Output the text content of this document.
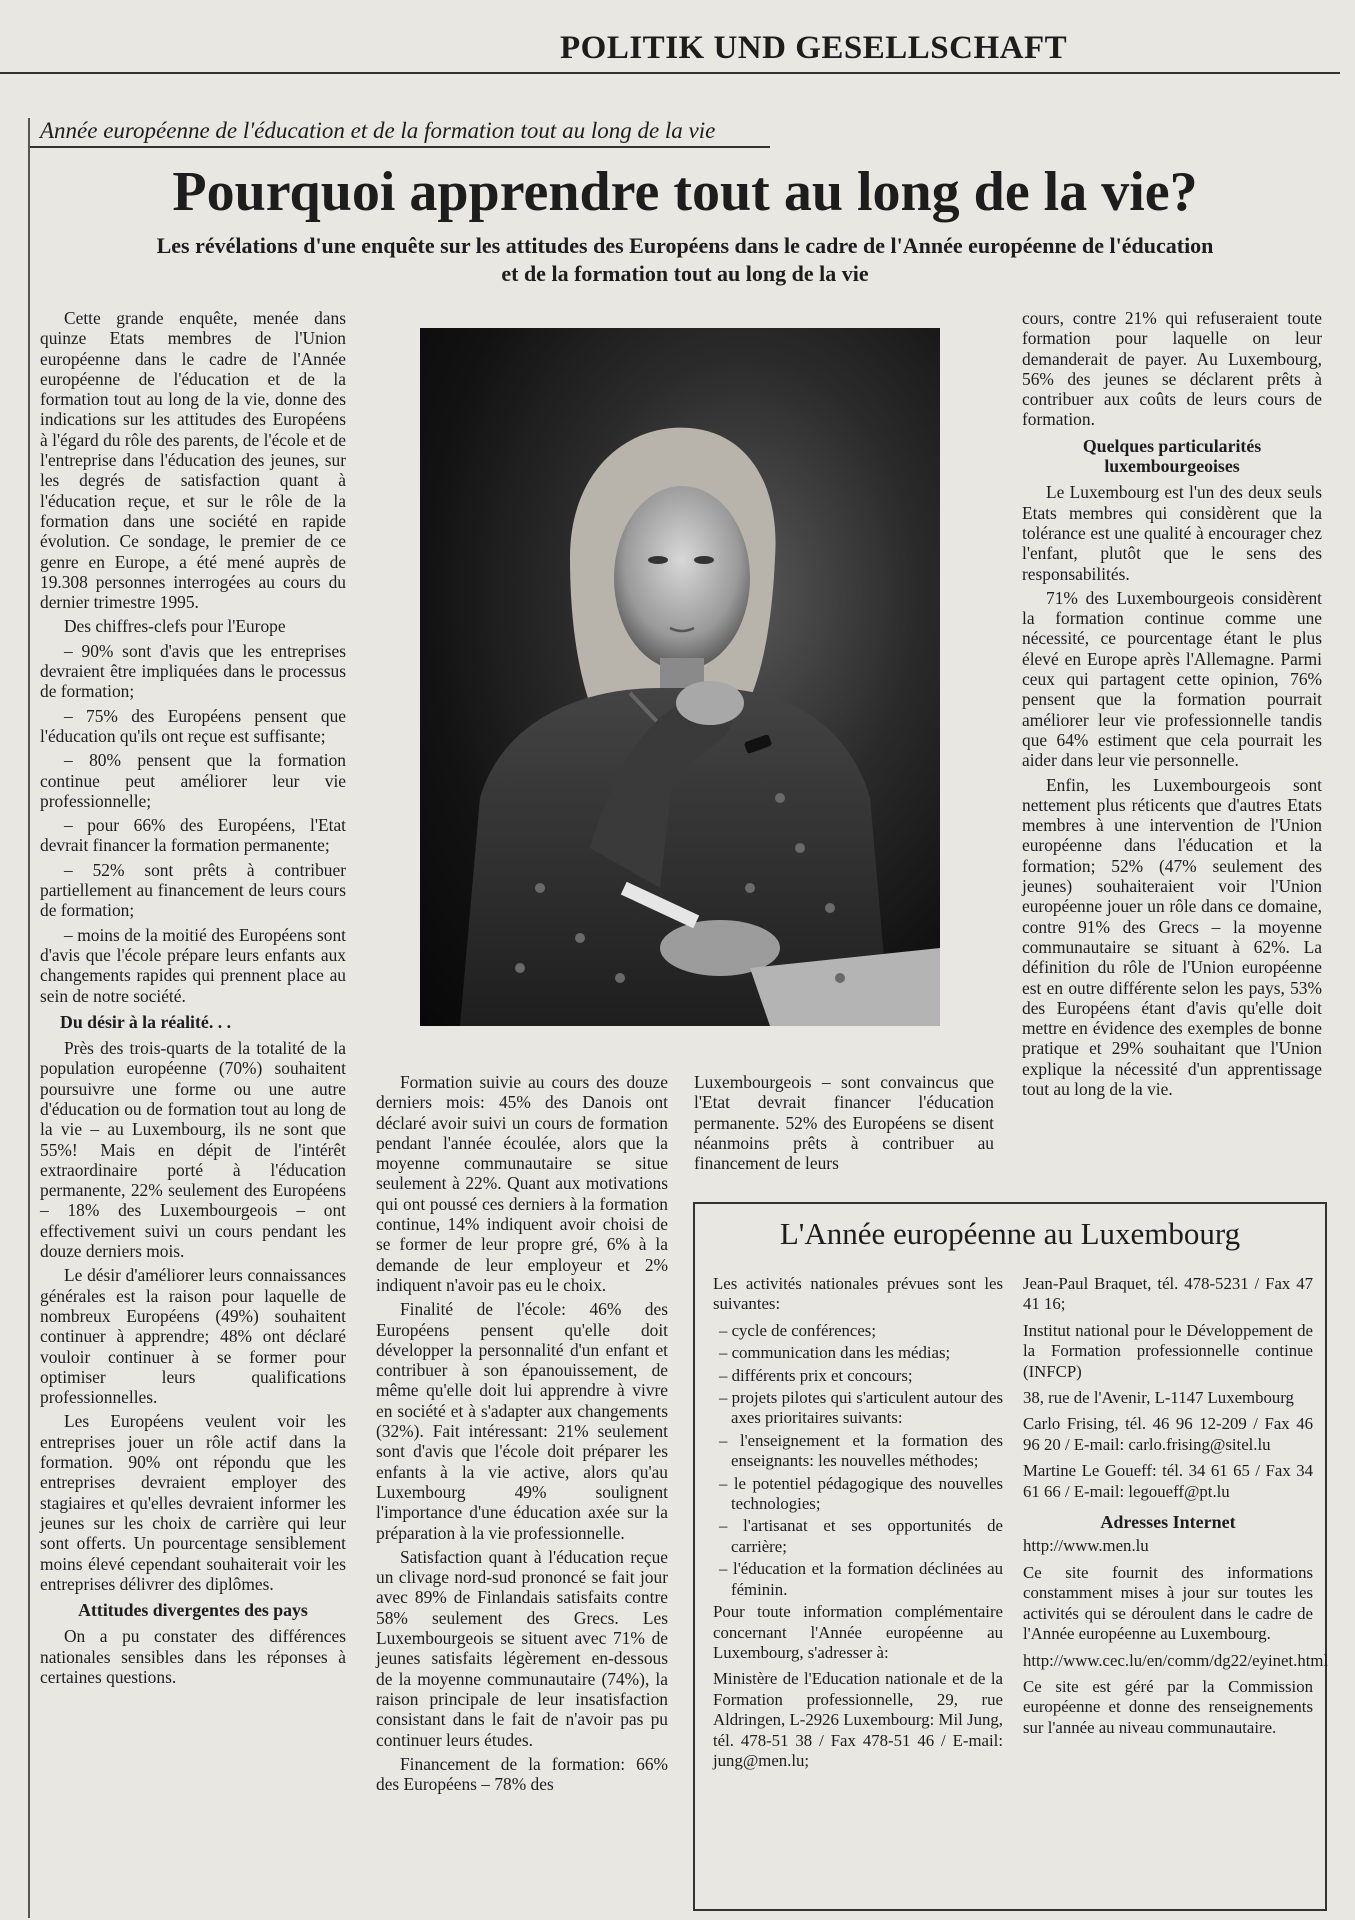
POLITIK UND GESELLSCHAFT
Année européenne de l'éducation et de la formation tout au long de la vie
Pourquoi apprendre tout au long de la vie?
Les révélations d'une enquête sur les attitudes des Européens dans le cadre de l'Année européenne de l'éducation
et de la formation tout au long de la vie

Cette grande enquête, menée dans quinze Etats membres de l'Union européenne dans le cadre de l'Année européenne de l'éducation et de la formation tout au long de la vie, donne des indications sur les attitudes des Européens à l'égard du rôle des parents, de l'école et de l'entreprise dans l'éducation des jeunes, sur les degrés de satisfaction quant à l'éducation reçue, et sur le rôle de la formation dans une société en rapide évolution. Ce sondage, le premier de ce genre en Europe, a été mené auprès de 19.308 personnes interrogées au cours du dernier trimestre 1995.

Des chiffres-clefs pour l'Europe

– 90% sont d'avis que les entreprises devraient être impliquées dans le processus de formation;

– 75% des Européens pensent que l'éducation qu'ils ont reçue est suffisante;

– 80% pensent que la formation continue peut améliorer leur vie professionnelle;

– pour 66% des Européens, l'Etat devrait financer la formation permanente;

– 52% sont prêts à contribuer partiellement au financement de leurs cours de formation;

– moins de la moitié des Européens sont d'avis que l'école prépare leurs enfants aux changements rapides qui prennent place au sein de notre société.

Du désir à la réalité. . .

Près des trois-quarts de la totalité de la population européenne (70%) souhaitent poursuivre une forme ou une autre d'éducation ou de formation tout au long de la vie – au Luxembourg, ils ne sont que 55%! Mais en dépit de l'intérêt extraordinaire porté à l'éducation permanente, 22% seulement des Européens – 18% des Luxembourgeois – ont effectivement suivi un cours pendant les douze derniers mois.

Le désir d'améliorer leurs connaissances générales est la raison pour laquelle de nombreux Européens (49%) souhaitent continuer à apprendre; 48% ont déclaré vouloir continuer à se former pour optimiser leurs qualifications professionnelles.

Les Européens veulent voir les entreprises jouer un rôle actif dans la formation. 90% ont répondu que les entreprises devraient employer des stagiaires et qu'elles devraient informer les jeunes sur les choix de carrière qui leur sont offerts. Un pourcentage sensiblement moins élevé cependant souhaiterait voir les entreprises délivrer des diplômes.

Attitudes divergentes des pays

On a pu constater des différences nationales sensibles dans les réponses à certaines questions.

Formation suivie au cours des douze derniers mois: 45% des Danois ont déclaré avoir suivi un cours de formation pendant l'année écoulée, alors que la moyenne communautaire se situe seulement à 22%. Quant aux motivations qui ont poussé ces derniers à la formation continue, 14% indiquent avoir choisi de se former de leur propre gré, 6% à la demande de leur employeur et 2% indiquent n'avoir pas eu le choix.

Finalité de l'école: 46% des Européens pensent qu'elle doit développer la personnalité d'un enfant et contribuer à son épanouissement, de même qu'elle doit lui apprendre à vivre en société et à s'adapter aux changements (32%). Fait intéressant: 21% seulement sont d'avis que l'école doit préparer les enfants à la vie active, alors qu'au Luxembourg 49% soulignent l'importance d'une éducation axée sur la préparation à la vie professionnelle.

Satisfaction quant à l'éducation reçue un clivage nord-sud prononcé se fait jour avec 89% de Finlandais satisfaits contre 58% seulement des Grecs. Les Luxembourgeois se situent avec 71% de jeunes satisfaits légèrement en-dessous de la moyenne communautaire (74%), la raison principale de leur insatisfaction consistant dans le fait de n'avoir pas pu continuer leurs études.

Financement de la formation: 66% des Européens – 78% des

Luxembourgeois – sont convaincus que l'Etat devrait financer l'éducation permanente. 52% des Européens se disent néanmoins prêts à contribuer au financement de leurs

cours, contre 21% qui refuseraient toute formation pour laquelle on leur demanderait de payer. Au Luxembourg, 56% des jeunes se déclarent prêts à contribuer aux coûts de leurs cours de formation.

Quelques particularités luxembourgeoises

Le Luxembourg est l'un des deux seuls Etats membres qui considèrent que la tolérance est une qualité à encourager chez l'enfant, plutôt que le sens des responsabilités.

71% des Luxembourgeois considèrent la formation continue comme une nécessité, ce pourcentage étant le plus élevé en Europe après l'Allemagne. Parmi ceux qui partagent cette opinion, 76% pensent que la formation pourrait améliorer leur vie professionnelle tandis que 64% estiment que cela pourrait les aider dans leur vie personnelle.

Enfin, les Luxembourgeois sont nettement plus réticents que d'autres Etats membres à une intervention de l'Union européenne dans l'éducation et la formation; 52% (47% seulement des jeunes) souhaiteraient voir l'Union européenne jouer un rôle dans ce domaine, contre 91% des Grecs – la moyenne communautaire se situant à 62%. La définition du rôle de l'Union européenne est en outre différente selon les pays, 53% des Européens étant d'avis qu'elle doit mettre en évidence des exemples de bonne pratique et 29% souhaitant que l'Union explique la nécessité d'un apprentissage tout au long de la vie.

L'Année européenne au Luxembourg

Les activités nationales prévues sont les suivantes:

– cycle de conférences;
– communication dans les médias;
– différents prix et concours;
– projets pilotes qui s'articulent autour des axes prioritaires suivants:
– l'enseignement et la formation des enseignants: les nouvelles méthodes;
– le potentiel pédagogique des nouvelles technologies;
– l'artisanat et ses opportunités de carrière;
– l'éducation et la formation déclinées au féminin.

Pour toute information complémentaire concernant l'Année européenne au Luxembourg, s'adresser à:

Ministère de l'Education nationale et de la Formation professionnelle, 29, rue Aldringen, L-2926 Luxembourg: Mil Jung, tél. 478-51 38 / Fax 478-51 46 / E-mail: jung@men.lu;

Jean-Paul Braquet, tél. 478-5231 / Fax 47 41 16;

Institut national pour le Développement de la Formation professionnelle continue (INFCP)

38, rue de l'Avenir, L-1147 Luxembourg

Carlo Frising, tél. 46 96 12-209 / Fax 46 96 20 / E-mail: carlo.frising@sitel.lu

Martine Le Goueff: tél. 34 61 65 / Fax 34 61 66 / E-mail: legoueff@pt.lu

Adresses Internet

http://www.men.lu

Ce site fournit des informations constamment mises à jour sur toutes les activités qui se déroulent dans le cadre de l'Année européenne au Luxembourg.

http://www.cec.lu/en/comm/dg22/eyinet.html

Ce site est géré par la Commission européenne et donne des renseignements sur l'année au niveau communautaire.
